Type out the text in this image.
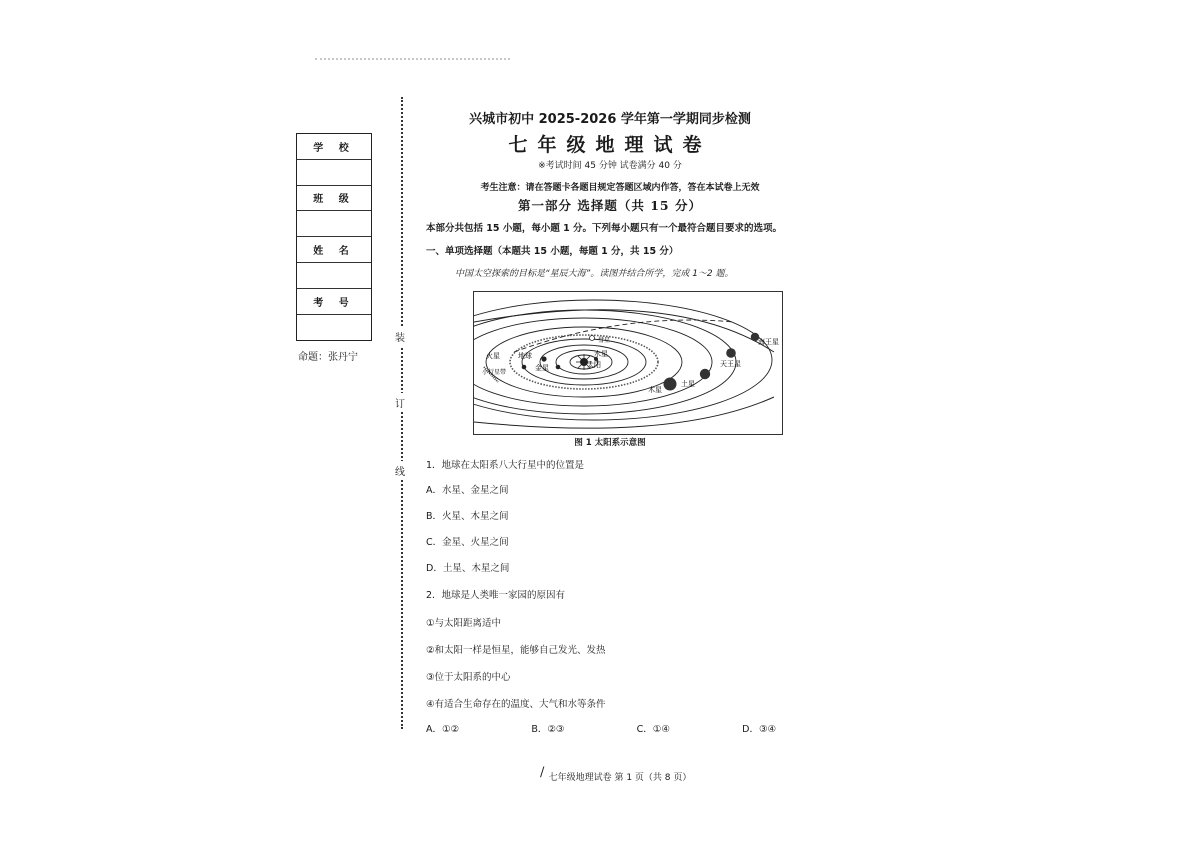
学 校
班 级
姓 名
考 号
命题：张丹宁
装
订
线
兴城市初中 2025-2026 学年第一学期同步检测
七年级地理试卷
※考试时间 45 分钟 试卷满分 40 分
考生注意：请在答题卡各题目规定答题区域内作答，答在本试卷上无效
第一部分 选择题（共 15 分）
本部分共包括 15 小题，每小题 1 分。下列每小题只有一个最符合题目要求的选项。
一、单项选择题（本题共 15 小题，每题 1 分，共 15 分）
中国太空探索的目标是“星辰大海”。读图并结合所学，完成 1～2 题。
太阳
水星
金星
地球
火星
木星
土星
天王星
海王星
小行星带
彗星
图 1 太阳系示意图
1．地球在太阳系八大行星中的位置是
A．水星、金星之间
B．火星、木星之间
C．金星、火星之间
D．土星、木星之间
2．地球是人类唯一家园的原因有
①与太阳距离适中
②和太阳一样是恒星，能够自己发光、发热
③位于太阳系的中心
④有适合生命存在的温度、大气和水等条件
A．①②	B．②③	C．①④	D．③④
/ 七年级地理试卷 第 1 页（共 8 页）
